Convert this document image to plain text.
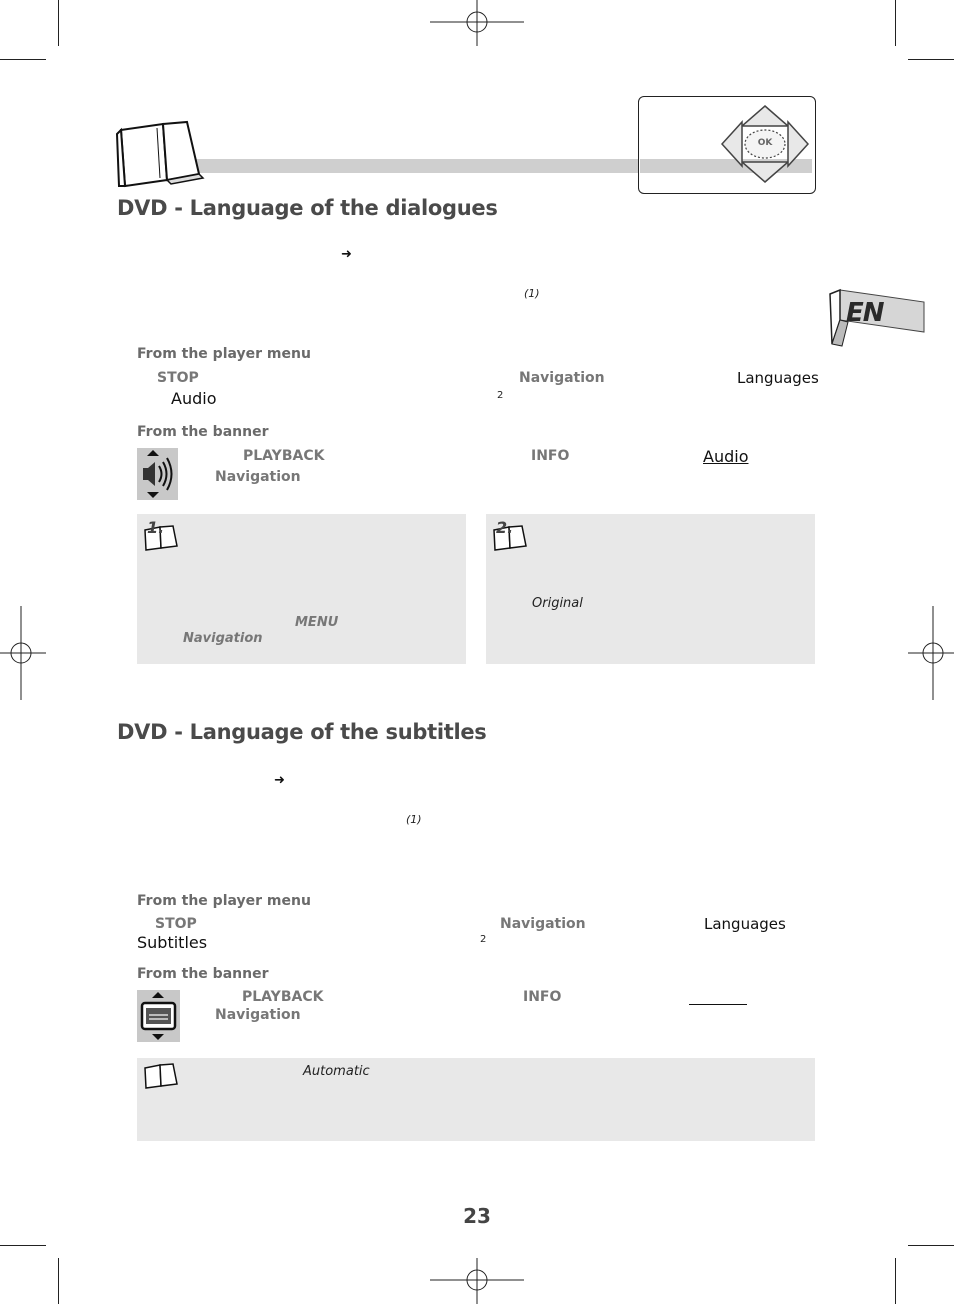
OK
EN
DVD - Language of the dialogues
➜
(1)
From the player menu
STOP	Navigation	Languages
Audio	2
From the banner
PLAYBACK	INFO	Audio
Navigation
1.
MENU
Navigation
2.
Original
DVD - Language of the subtitles
➜
(1)
From the player menu
STOP	Navigation	Languages
Subtitles	2
From the banner
PLAYBACK	INFO
Navigation
Automatic
23
